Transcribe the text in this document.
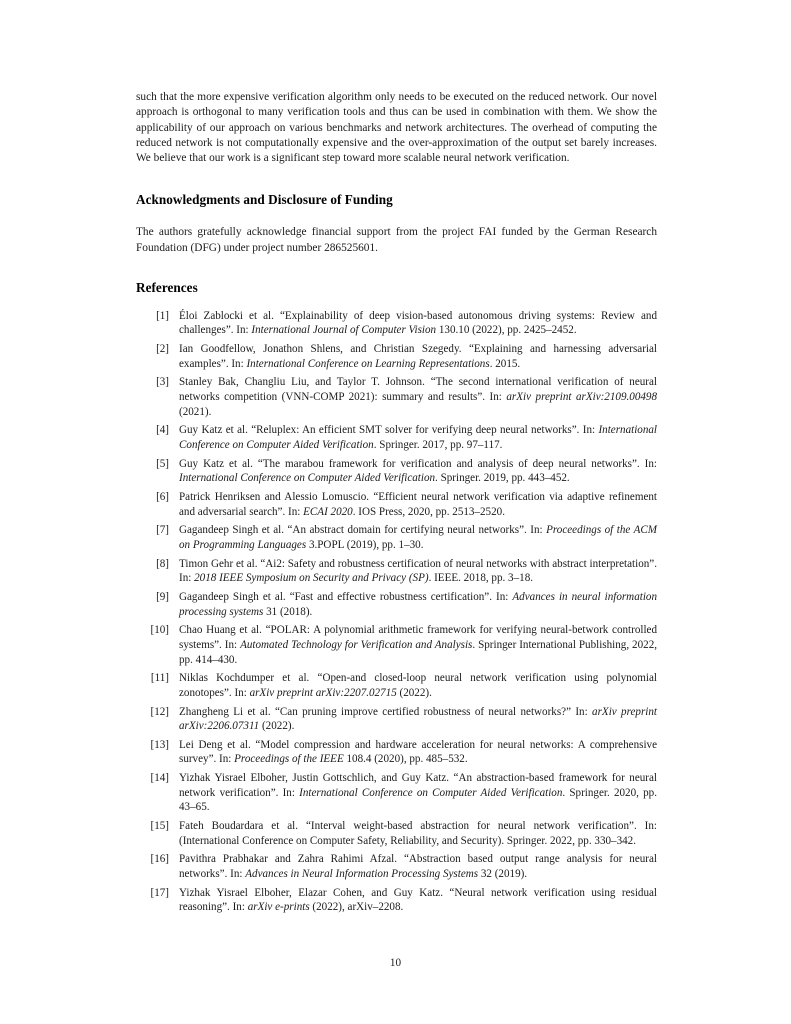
such that the more expensive verification algorithm only needs to be executed on the reduced network. Our novel approach is orthogonal to many verification tools and thus can be used in combination with them. We show the applicability of our approach on various benchmarks and network architectures. The overhead of computing the reduced network is not computationally expensive and the over-approximation of the output set barely increases. We believe that our work is a significant step toward more scalable neural network verification.

Acknowledgments and Disclosure of Funding

The authors gratefully acknowledge financial support from the project FAI funded by the German Research Foundation (DFG) under project number 286525601.

References
[1] Éloi Zablocki et al. “Explainability of deep vision-based autonomous driving systems: Review and challenges”. In: International Journal of Computer Vision 130.10 (2022), pp. 2425–2452.
[2] Ian Goodfellow, Jonathon Shlens, and Christian Szegedy. “Explaining and harnessing adversarial examples”. In: International Conference on Learning Representations. 2015.
[3] Stanley Bak, Changliu Liu, and Taylor T. Johnson. “The second international verification of neural networks competition (VNN-COMP 2021): summary and results”. In: arXiv preprint arXiv:2109.00498 (2021).
[4] Guy Katz et al. “Reluplex: An efficient SMT solver for verifying deep neural networks”. In: International Conference on Computer Aided Verification. Springer. 2017, pp. 97–117.
[5] Guy Katz et al. “The marabou framework for verification and analysis of deep neural networks”. In: International Conference on Computer Aided Verification. Springer. 2019, pp. 443–452.
[6] Patrick Henriksen and Alessio Lomuscio. “Efficient neural network verification via adaptive refinement and adversarial search”. In: ECAI 2020. IOS Press, 2020, pp. 2513–2520.
[7] Gagandeep Singh et al. “An abstract domain for certifying neural networks”. In: Proceedings of the ACM on Programming Languages 3.POPL (2019), pp. 1–30.
[8] Timon Gehr et al. “Ai2: Safety and robustness certification of neural networks with abstract interpretation”. In: 2018 IEEE Symposium on Security and Privacy (SP). IEEE. 2018, pp. 3–18.
[9] Gagandeep Singh et al. “Fast and effective robustness certification”. In: Advances in neural information processing systems 31 (2018).
[10] Chao Huang et al. “POLAR: A polynomial arithmetic framework for verifying neural-betwork controlled systems”. In: Automated Technology for Verification and Analysis. Springer International Publishing, 2022, pp. 414–430.
[11] Niklas Kochdumper et al. “Open-and closed-loop neural network verification using polynomial zonotopes”. In: arXiv preprint arXiv:2207.02715 (2022).
[12] Zhangheng Li et al. “Can pruning improve certified robustness of neural networks?” In: arXiv preprint arXiv:2206.07311 (2022).
[13] Lei Deng et al. “Model compression and hardware acceleration for neural networks: A comprehensive survey”. In: Proceedings of the IEEE 108.4 (2020), pp. 485–532.
[14] Yizhak Yisrael Elboher, Justin Gottschlich, and Guy Katz. “An abstraction-based framework for neural network verification”. In: International Conference on Computer Aided Verification. Springer. 2020, pp. 43–65.
[15] Fateh Boudardara et al. “Interval weight-based abstraction for neural network verification”. In: (International Conference on Computer Safety, Reliability, and Security). Springer. 2022, pp. 330–342.
[16] Pavithra Prabhakar and Zahra Rahimi Afzal. “Abstraction based output range analysis for neural networks”. In: Advances in Neural Information Processing Systems 32 (2019).
[17] Yizhak Yisrael Elboher, Elazar Cohen, and Guy Katz. “Neural network verification using residual reasoning”. In: arXiv e-prints (2022), arXiv–2208.
10
